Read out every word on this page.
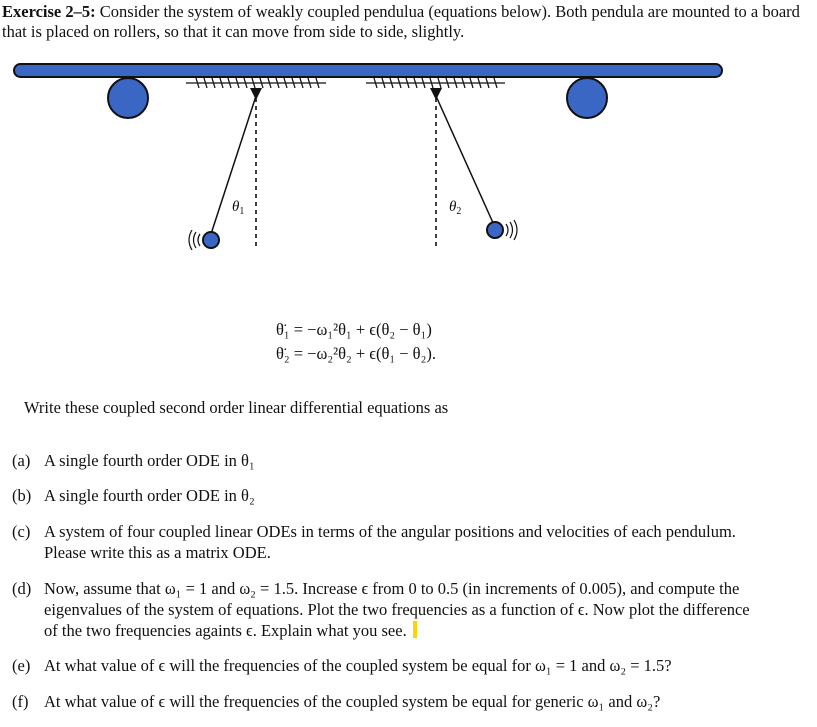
Exercise 2–5: Consider the system of weakly coupled pendulua (equations below). Both pendula are mounted to a board that is placed on rollers, so that it can move from side to side, slightly.

$\theta_1$	$\theta_2$
θ̈₁ = −ω₁²θ₁ + ϵ(θ₂ − θ₁)
θ̈₂ = −ω₂²θ₂ + ϵ(θ₁ − θ₂).

Write these coupled second order linear differential equations as

(a) A single fourth order ODE in θ₁
(b) A single fourth order ODE in θ₂
(c) A system of four coupled linear ODEs in terms of the angular positions and velocities of each pendulum. Please write this as a matrix ODE.
(d) Now, assume that ω₁ = 1 and ω₂ = 1.5. Increase ϵ from 0 to 0.5 (in increments of 0.005), and compute the eigenvalues of the system of equations. Plot the two frequencies as a function of ϵ. Now plot the difference of the two frequencies againts ϵ. Explain what you see.
(e) At what value of ϵ will the frequencies of the coupled system be equal for ω₁ = 1 and ω₂ = 1.5?
(f) At what value of ϵ will the frequencies of the coupled system be equal for generic ω₁ and ω₂?
